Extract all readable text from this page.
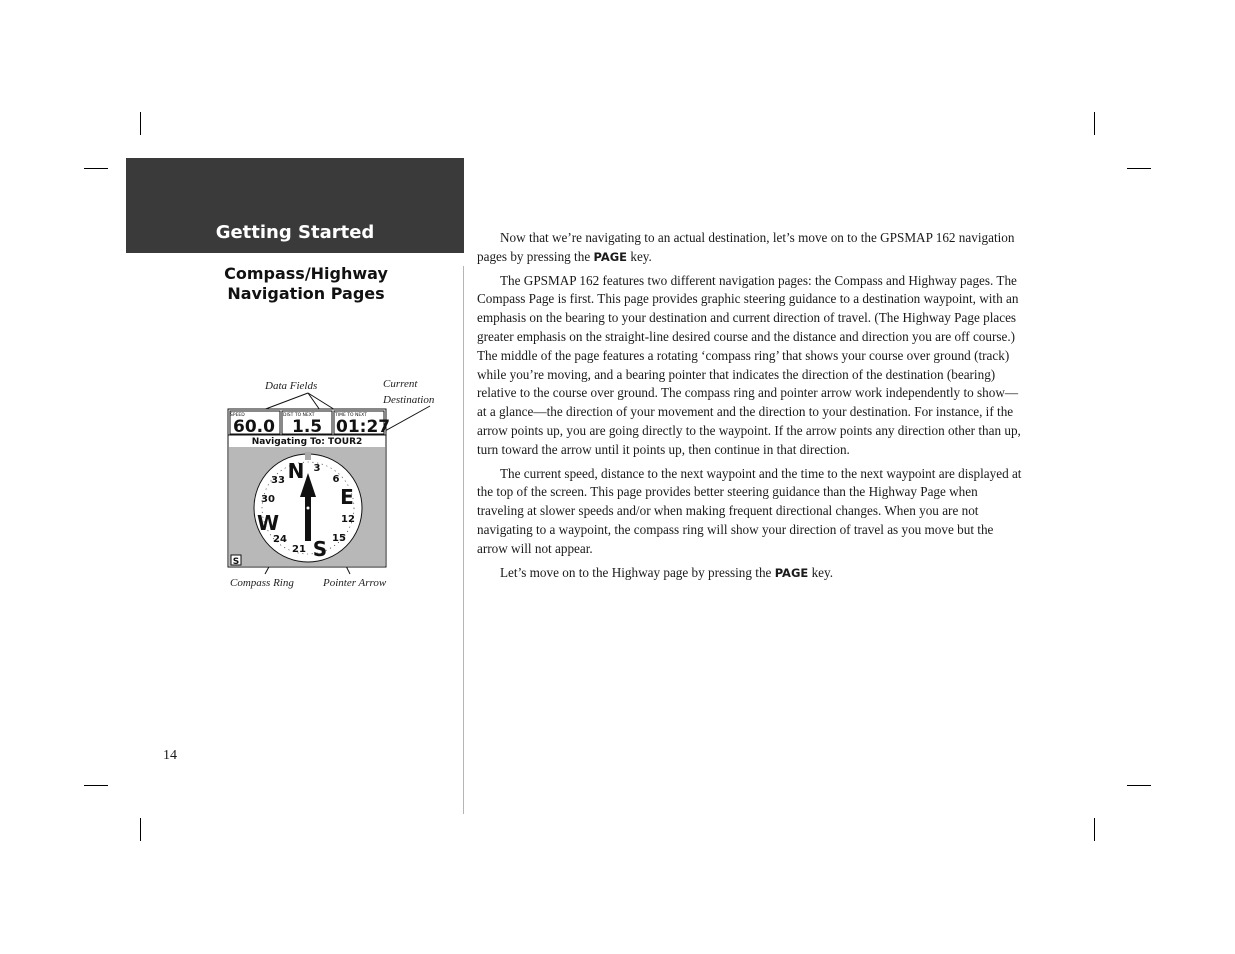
Getting Started
Compass/Highway
Navigation Pages
Data Fields	Current
Destination
Compass Ring	Pointer Arrow
SPEED	DIST TO NEXT	TIME TO NEXT
60.0 1.5 01:27
Navigating To: TOUR2
N
E
S
W
3
6
12
15
21
24
30
33
S

Now that we’re navigating to an actual destination, let’s move on to the GPSMAP 162 navigation pages by pressing the PAGE key.

The GPSMAP 162 features two different navigation pages: the Compass and Highway pages. The Compass Page is first. This page provides graphic steering guidance to a destination waypoint, with an emphasis on the bearing to your destination and current direction of travel. (The Highway Page places greater emphasis on the straight-line desired course and the distance and direction you are off course.) The middle of the page features a rotating ‘compass ring’ that shows your course over ground (track) while you’re moving, and a bearing pointer that indicates the direction of the destination (bearing) relative to the course over ground. The compass ring and pointer arrow work independently to show—at a glance—the direction of your movement and the direction to your destination. For instance, if the arrow points up, you are going directly to the waypoint. If the arrow points any direction other than up, turn toward the arrow until it points up, then continue in that direction.

The current speed, distance to the next waypoint and the time to the next waypoint are displayed at the top of the screen. This page provides better steering guidance than the Highway Page when traveling at slower speeds and/or when making frequent directional changes. When you are not navigating to a waypoint, the compass ring will show your direction of travel as you move but the arrow will not appear.

Let’s move on to the Highway page by pressing the PAGE key.

14
